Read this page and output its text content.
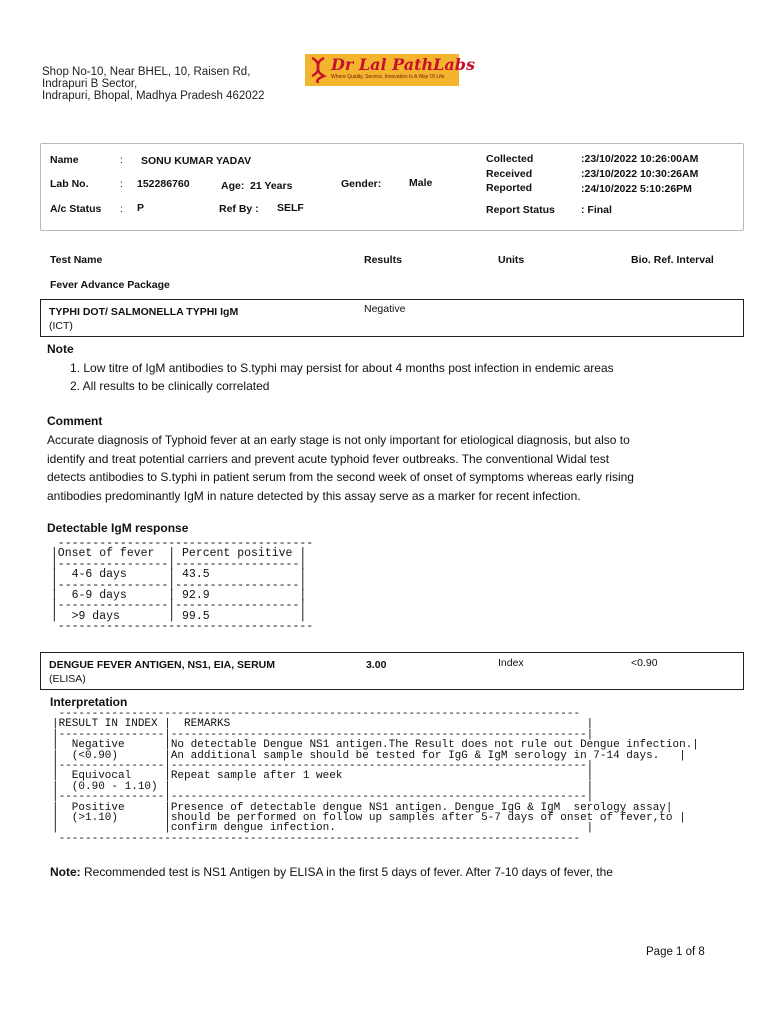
Shop No-10, Near BHEL, 10, Raisen Rd,
Indrapuri B Sector,
Indrapuri, Bhopal, Madhya Pradesh 462022
Dr Lal PathLabs
Where Quality, Service, Innovation Is A Way Of Life
Name	: SONU KUMAR YADAV
Lab No.	: 152286760	Age: 21 Years	Gender:	Male
A/c Status : P	Ref By : SELF
Collected	:23/10/2022 10:26:00AM
Received	:23/10/2022 10:30:26AM
Reported	:24/10/2022 5:10:26PM
Report Status : Final
Test Name	Results	Units	Bio. Ref. Interval
Fever Advance Package
TYPHI DOT/ SALMONELLA TYPHI IgM
(ICT)
Negative
Note
1. Low titre of IgM antibodies to S.typhi may persist for about 4 months post infection in endemic areas
2. All results to be clinically correlated
Comment
Accurate diagnosis of Typhoid fever at an early stage is not only important for etiological diagnosis, but also to
identify and treat potential carriers and prevent acute typhoid fever outbreaks. The conventional Widal test
detects antibodies to S.typhi in patient serum from the second week of onset of symptoms whereas early rising
antibodies predominantly IgM in nature detected by this assay serve as a marker for recent infection.
Detectable IgM response
-------------------------------------
|Onset of fever  | Percent positive |
|----------------|------------------|
|  4-6 days      | 43.5             |
|----------------|------------------|
|  6-9 days      | 92.9             |
|----------------|------------------|
|  >9 days       | 99.5             |
-------------------------------------
DENGUE FEVER ANTIGEN, NS1, EIA, SERUM
(ELISA)
3.00	Index	<0.90
Interpretation
-------------------------------------------------------------------------------
|RESULT IN INDEX |  REMARKS                                                      |
|----------------|---------------------------------------------------------------|
|  Negative      |No detectable Dengue NS1 antigen.The Result does not rule out Dengue infection.|
|  (<0.90)       |An additional sample should be tested for IgG & IgM serology in 7-14 days.   |
|----------------|---------------------------------------------------------------|
|  Equivocal     |Repeat sample after 1 week                                     |
|  (0.90 - 1.10) |                                                               |
|----------------|---------------------------------------------------------------|
|  Positive      |Presence of detectable dengue NS1 antigen. Dengue IgG & IgM  serology assay|
|  (>1.10)       |should be performed on follow up samples after 5-7 days of onset of fever,to |
|                |confirm dengue infection.                                      |
-------------------------------------------------------------------------------
Note: Recommended test is NS1 Antigen by ELISA in the first 5 days of fever. After 7-10 days of fever, the
Page 1 of 8
